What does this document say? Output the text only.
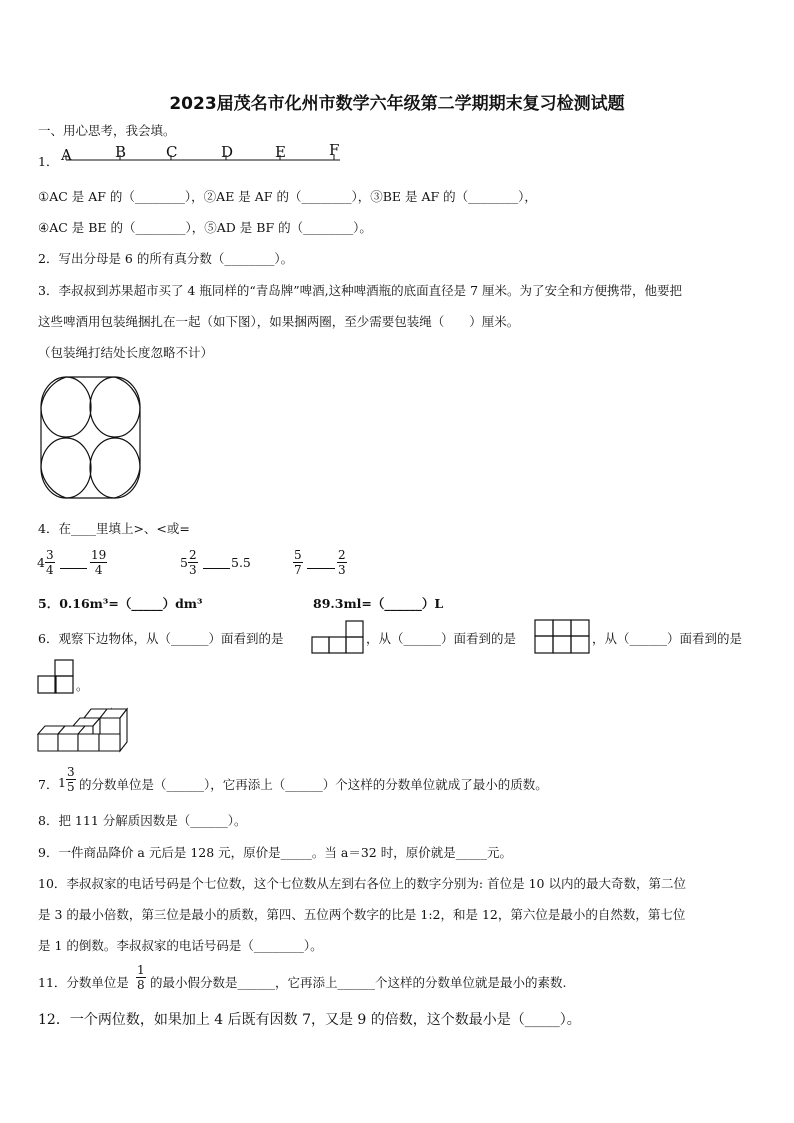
2023届茂名市化州市数学六年级第二学期期末复习检测试题
一、用心思考，我会填。
1． A	B	C	D	E	F
①AC 是 AF 的（________），②AE 是 AF 的（________），③BE 是 AF 的（________），
④AC 是 BE 的（________），⑤AD 是 BF 的（________）。
2．写出分母是 6 的所有真分数（________）。
3．李叔叔到苏果超市买了 4 瓶同样的“青岛牌”啤酒,这种啤酒瓶的底面直径是 7 厘米。为了安全和方便携带，他要把
这些啤酒用包装绳捆扎在一起（如下图），如果捆两圈，至少需要包装绳（　　）厘米。
（包装绳打结处长度忽略不计）
4．在____里填上>、<或=
$4 \frac{3}{4}$	$\frac{19}{4}$	$5 \frac{2}{3}$	5.5	$\frac{5}{7}$	$\frac{2}{3}$
5．0.16m³=（_____）dm³	89.3ml=（______）L
6．观察下边物体，从（______）面看到的是	，从（______）面看到的是	，从（______）面看到的是
。
7． $1 \frac{3}{5}$ 的分数单位是（______），它再添上（______）个这样的分数单位就成了最小的质数。
8．把 111 分解质因数是（______）。
9．一件商品降价 a 元后是 128 元，原价是_____。当 a＝32 时，原价就是_____元。
10．李叔叔家的电话号码是个七位数，这个七位数从左到右各位上的数字分别为: 首位是 10 以内的最大奇数，第二位
是 3 的最小倍数，第三位是最小的质数，第四、五位两个数字的比是 1:2，和是 12，第六位是最小的自然数，第七位
是 1 的倒数。李叔叔家的电话号码是（________）。
11．分数单位是 $\frac{1}{8}$ 的最小假分数是______，它再添上______个这样的分数单位就是最小的素数.
12．一个两位数，如果加上 4 后既有因数 7，又是 9 的倍数，这个数最小是（_____）。
